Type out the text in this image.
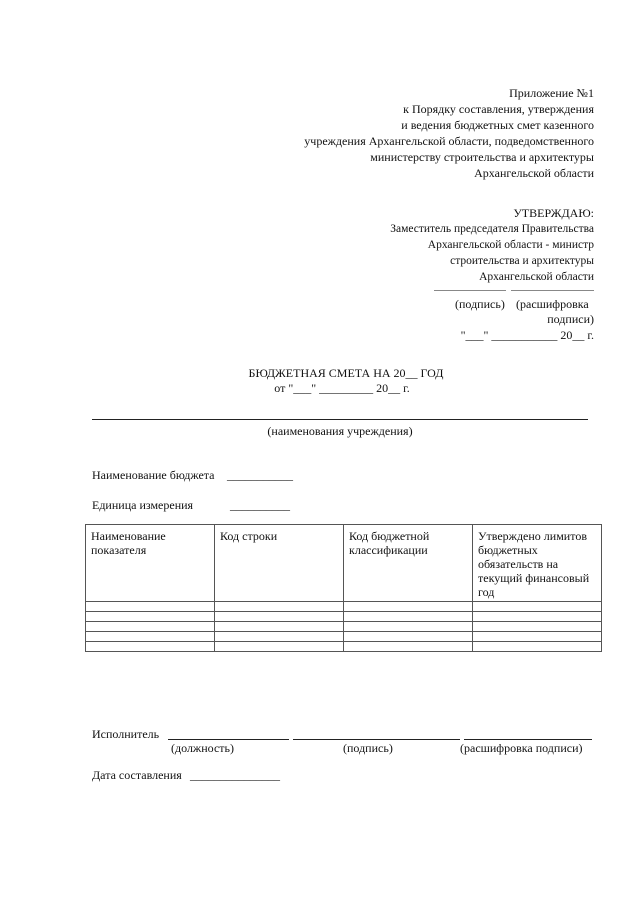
Приложение №1
к Порядку составления, утверждения
и ведения бюджетных смет казенного
учреждения Архангельской области, подведомственного
министерству строительства и архитектуры
Архангельской области
УТВЕРЖДАЮ:
Заместитель председателя Правительства
Архангельской области - министр
строительства и архитектуры
Архангельской области
(подпись) (расшифровка
подписи)
"___" ___________ 20__ г.
БЮДЖЕТНАЯ СМЕТА НА 20__ ГОД
от "___" _________ 20__ г.
(наименования учреждения)
Наименование бюджета ___________
Единица измерения	__________
Наименование показателя	Код строки	Код бюджетной классификации	Утверждено лимитов бюджетных обязательств на текущий финансовый год

Исполнитель
(должность)	(подпись)	(расшифровка подписи)
Дата составления _______________
